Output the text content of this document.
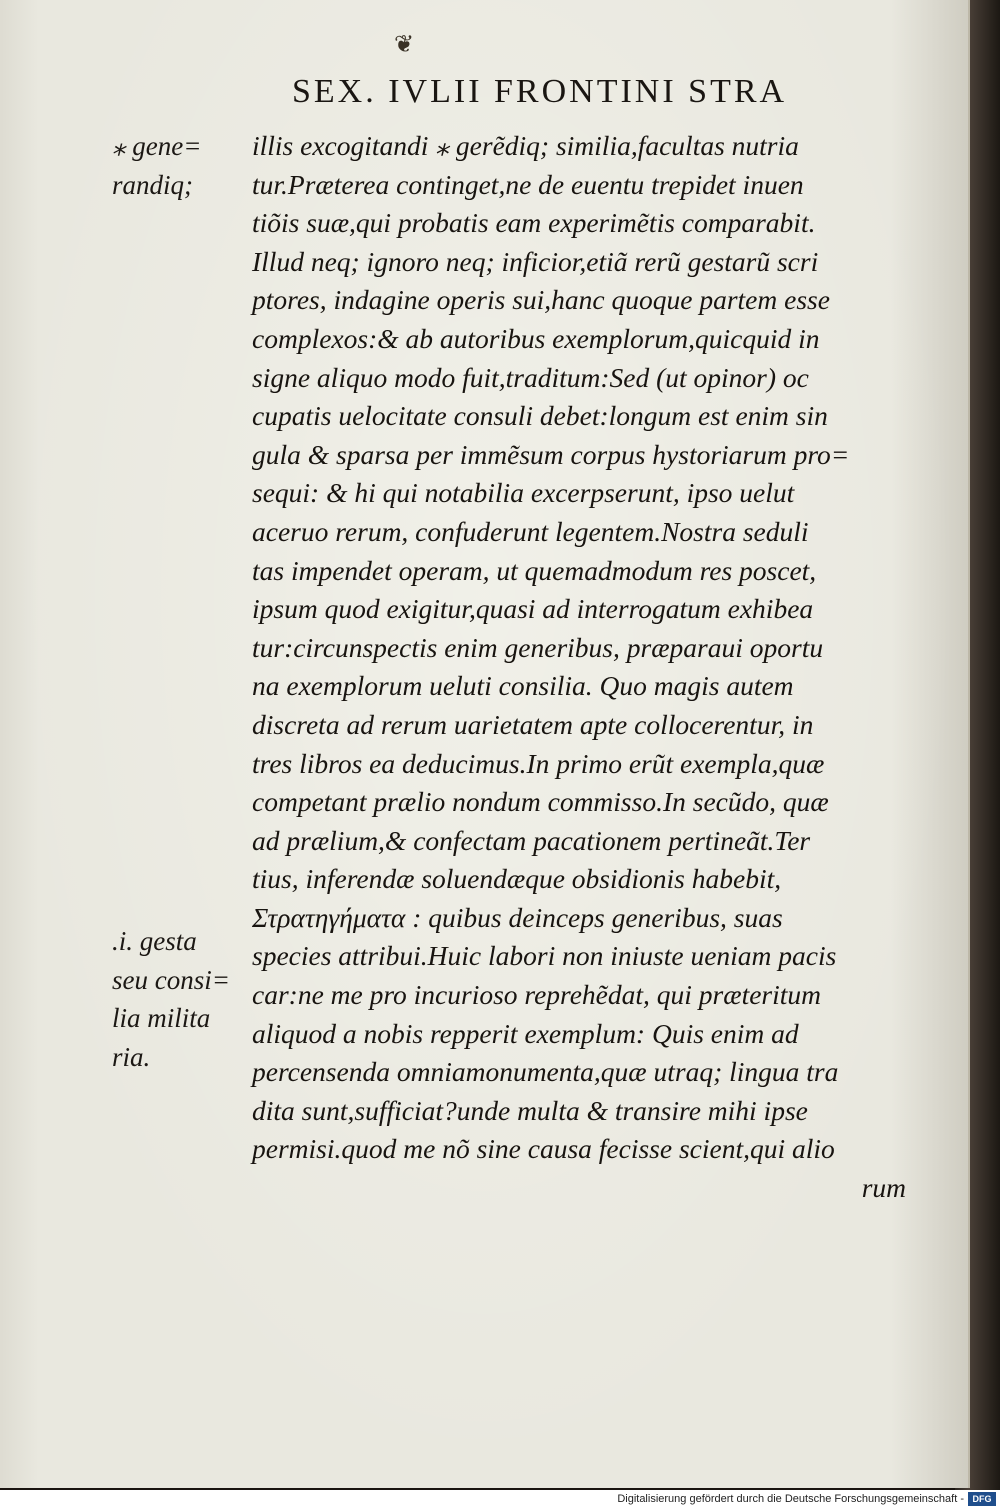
❦
SEX. IVLII FRONTINI STRA
⁎ gene=
randiq;
.i. gesta
seu consi=
lia milita
ria.
illis excogitandi ⁎ gerẽdiq; similia,facultas nutria
tur.Prӕterea continget,ne de euentu trepidet inuen
tiõis suӕ,qui probatis eam experimẽtis comparabit.
Illud neq; ignoro neq; inficior,etiã rerũ gestarũ scri
ptores, indagine operis sui,hanc quoque partem esse
complexos:& ab autoribus exemplorum,quicquid in
signe aliquo modo fuit,traditum:Sed (ut opinor) oc
cupatis uelocitate consuli debet:longum est enim sin
gula & sparsa per immẽsum corpus hystoriarum pro=
sequi: & hi qui notabilia excerpserunt, ipso uelut
aceruo rerum, confuderunt legentem.Nostra seduli
tas impendet operam, ut quemadmodum res poscet,
ipsum quod exigitur,quasi ad interrogatum exhibea
tur:circunspectis enim generibus, prӕparaui oportu
na exemplorum ueluti consilia. Quo magis autem
discreta ad rerum uarietatem apte collocerentur, in
tres libros ea deducimus.In primo erũt exempla,quӕ
competant prӕlio nondum commisso.In secũdo, quӕ
ad prӕlium,& confectam pacationem pertineãt.Ter
tius, inferendӕ soluendӕque obsidionis habebit,
Στρατηγήματα : quibus deinceps generibus, suas
species attribui.Huic labori non iniuste ueniam pacis
car:ne me pro incurioso reprehẽdat, qui prӕteritum
aliquod a nobis repperit exemplum: Quis enim ad
percensenda omniamonumenta,quӕ utraq; lingua tra
dita sunt,sufficiat?unde multa & transire mihi ipse
permisi.quod me nõ sine causa fecisse scient,qui alio
rum
Digitalisierung gefördert durch die Deutsche Forschungsgemeinschaft - DFG
